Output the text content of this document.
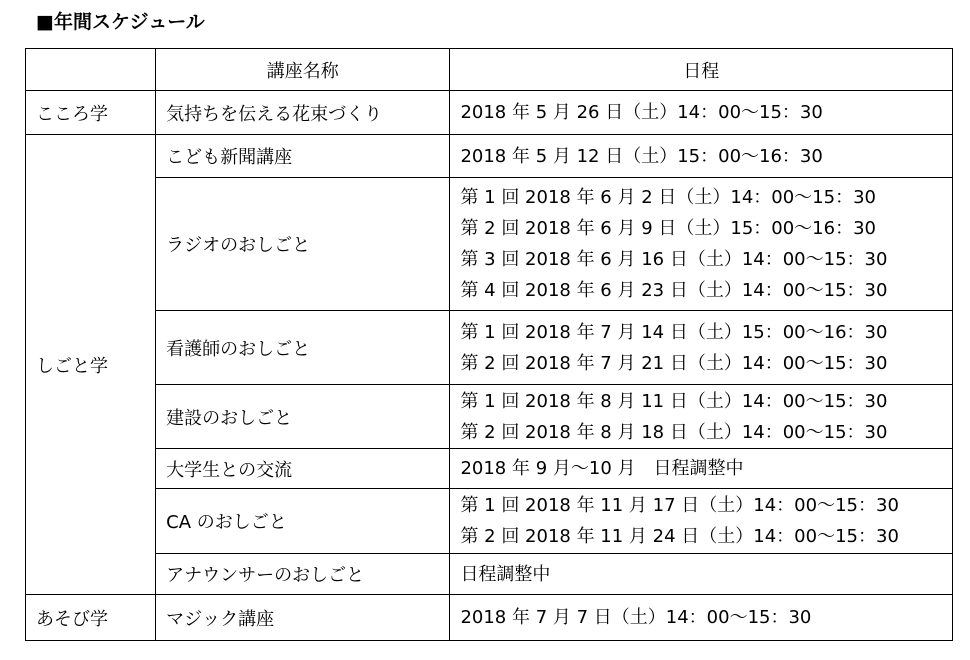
■年間スケジュール
	講座名称	日程
こころ学	気持ちを伝える花束づくり	2018 年 5 月 26 日（土）14：00〜15：30

しごと学	こども新聞講座	2018 年 5 月 12 日（土）15：00〜16：30

	ラジオのおしごと	第 1 回 2018 年 6 月 2 日（土）14：00〜15：30
第 2 回 2018 年 6 月 9 日（土）15：00〜16：30
第 3 回 2018 年 6 月 16 日（土）14：00〜15：30
第 4 回 2018 年 6 月 23 日（土）14：00〜15：30

	看護師のおしごと	第 1 回 2018 年 7 月 14 日（土）15：00〜16：30
第 2 回 2018 年 7 月 21 日（土）14：00〜15：30

	建設のおしごと	第 1 回 2018 年 8 月 11 日（土）14：00〜15：30
第 2 回 2018 年 8 月 18 日（土）14：00〜15：30

	大学生との交流	2018 年 9 月〜10 月　日程調整中

	CA のおしごと	第 1 回 2018 年 11 月 17 日（土）14：00〜15：30
第 2 回 2018 年 11 月 24 日（土）14：00〜15：30

	アナウンサーのおしごと	日程調整中

あそび学	マジック講座	2018 年 7 月 7 日（土）14：00〜15：30
